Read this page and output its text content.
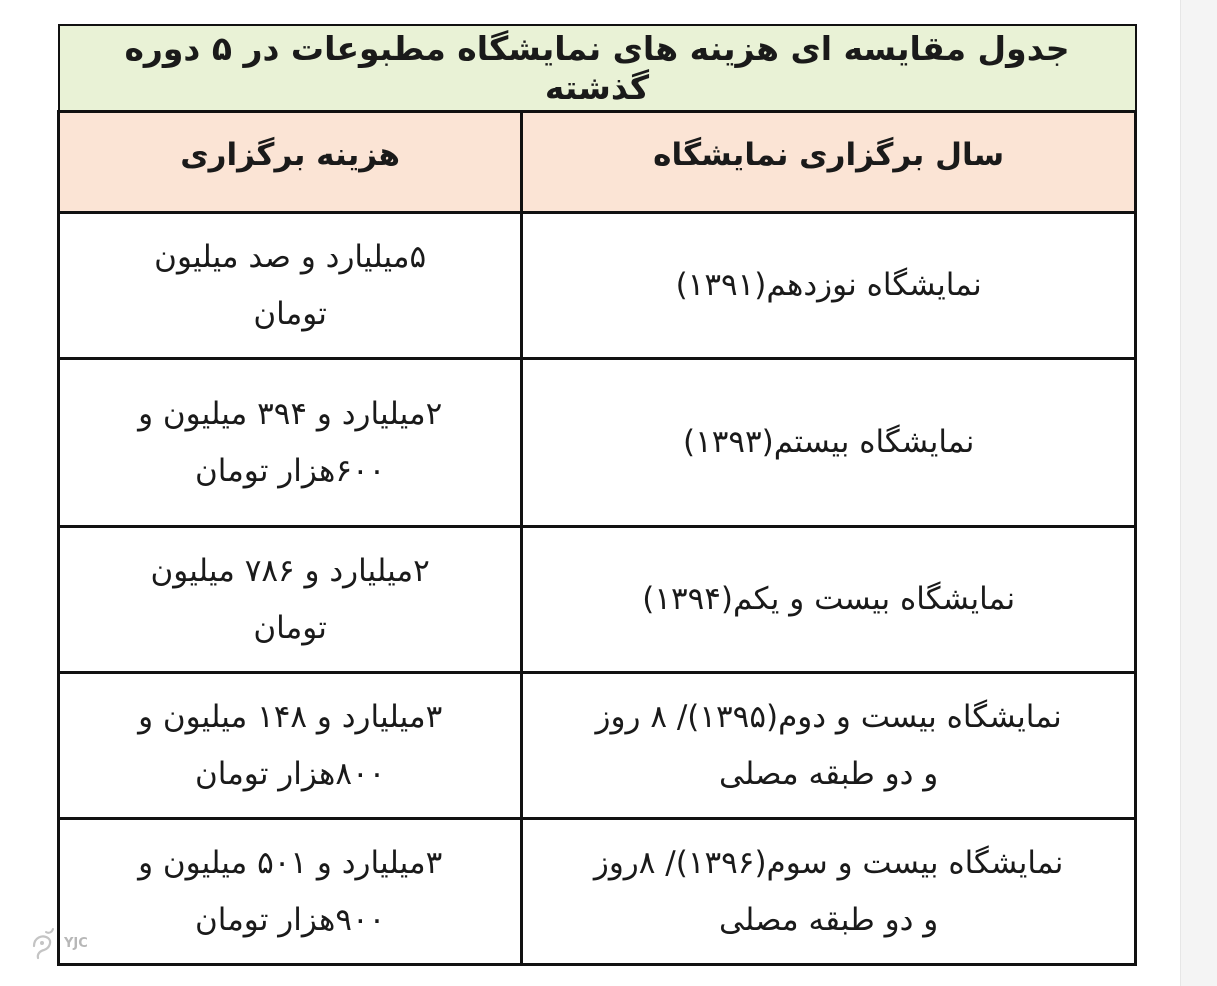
جدول مقایسه ای هزینه های نمایشگاه مطبوعات در ۵ دوره گذشته	
سال برگزاری نمایشگاه	هزینه برگزاری

نمایشگاه نوزدهم(۱۳۹۱)	۵میلیارد و صد میلیون
تومان

نمایشگاه بیستم(۱۳۹۳)	۲میلیارد و ۳۹۴ میلیون و
۶۰۰هزار تومان

نمایشگاه بیست و یکم(۱۳۹۴)	۲میلیارد و ۷۸۶ میلیون
تومان

نمایشگاه بیست و دوم(۱۳۹۵)/ ۸ روز
و دو طبقه مصلی	۳میلیارد و ۱۴۸ میلیون و
۸۰۰هزار تومان

نمایشگاه بیست و سوم(۱۳۹۶)/ ۸روز
و دو طبقه مصلی	۳میلیارد و ۵۰۱ میلیون و
۹۰۰هزار تومان
YJC
